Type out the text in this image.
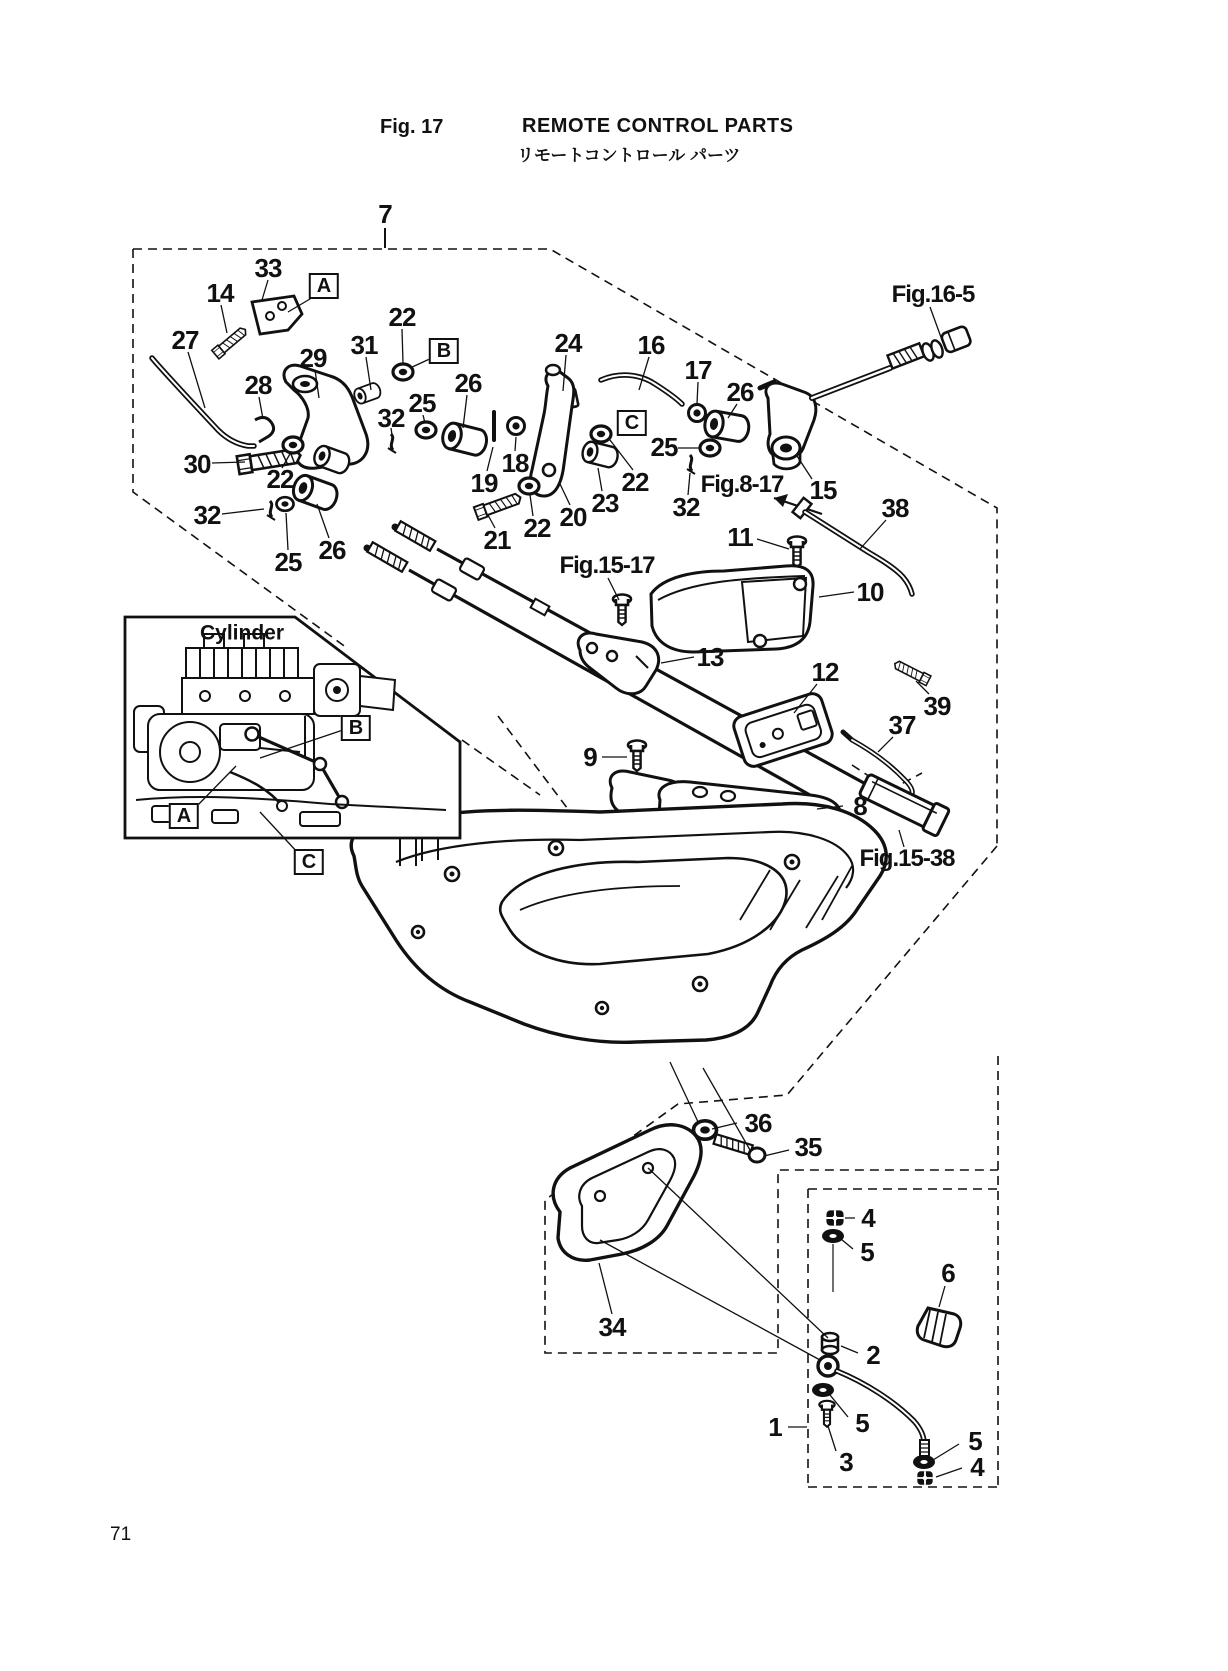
Fig. 17	REMOTE CONTROL PARTS
リモートコントロール パーツ
7
33
14
27
22
31
29
28
24 16
17
26
26
25
32
30 22
32
25 26
25
22
32
15
18
19
20 23
21 22
38
11
10
13	12
39
37
9
8
36
35
4
5
6
2
34
1	5
3
5
4
Fig.16-5
Fig.8-17
Fig.15-17
Fig.15-38
A
B
C
B
A
C
Cylinder
71
